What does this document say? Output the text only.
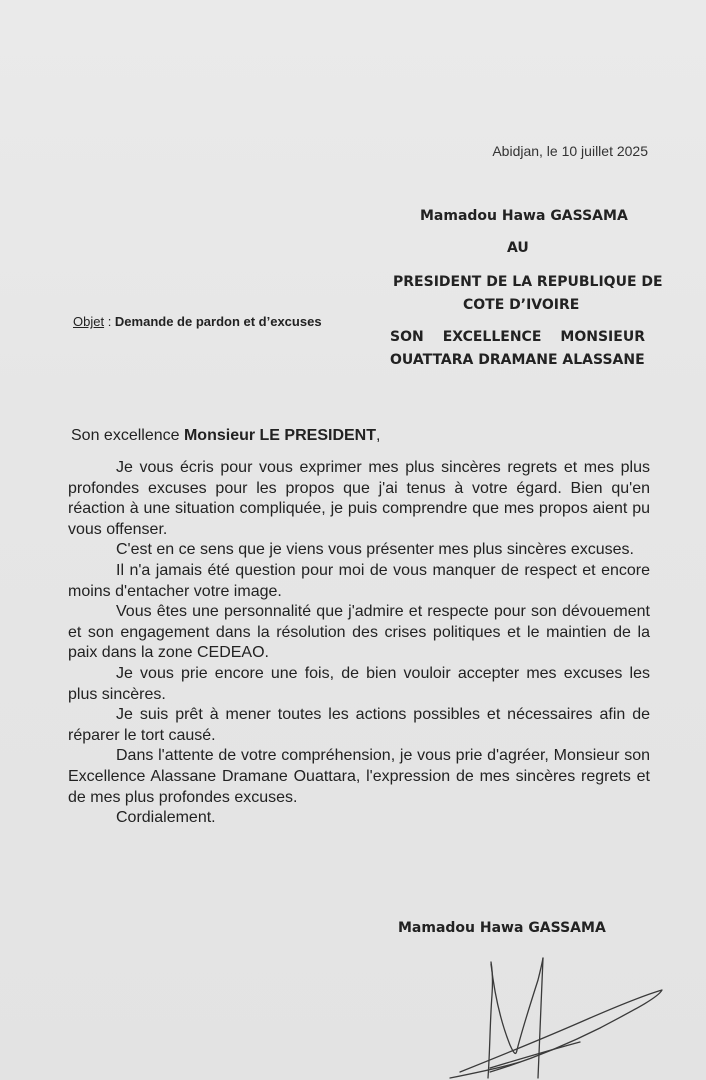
Abidjan, le 10 juillet 2025
Mamadou Hawa GASSAMA
AU
PRESIDENT DE LA REPUBLIQUE DE
COTE D’IVOIRE
SON EXCELLENCE MONSIEUR
OUATTARA DRAMANE ALASSANE
Objet : Demande de pardon et d’excuses
Son excellence Monsieur LE PRESIDENT,

Je vous écris pour vous exprimer mes plus sincères regrets et mes plus profondes excuses pour les propos que j'ai tenus à votre égard. Bien qu'en réaction à une situation compliquée, je puis comprendre que mes propos aient pu vous offenser.

C'est en ce sens que je viens vous présenter mes plus sincères excuses.

Il n'a jamais été question pour moi de vous manquer de respect et encore moins d'entacher votre image.

Vous êtes une personnalité que j'admire et respecte pour son dévouement et son engagement dans la résolution des crises politiques et le maintien de la paix dans la zone CEDEAO.

Je vous prie encore une fois, de bien vouloir accepter mes excuses les plus sincères.

Je suis prêt à mener toutes les actions possibles et nécessaires afin de réparer le tort causé.

Dans l'attente de votre compréhension, je vous prie d'agréer, Monsieur son Excellence Alassane Dramane Ouattara, l'expression de mes sincères regrets et de mes plus profondes excuses.

Cordialement.

Mamadou Hawa GASSAMA
